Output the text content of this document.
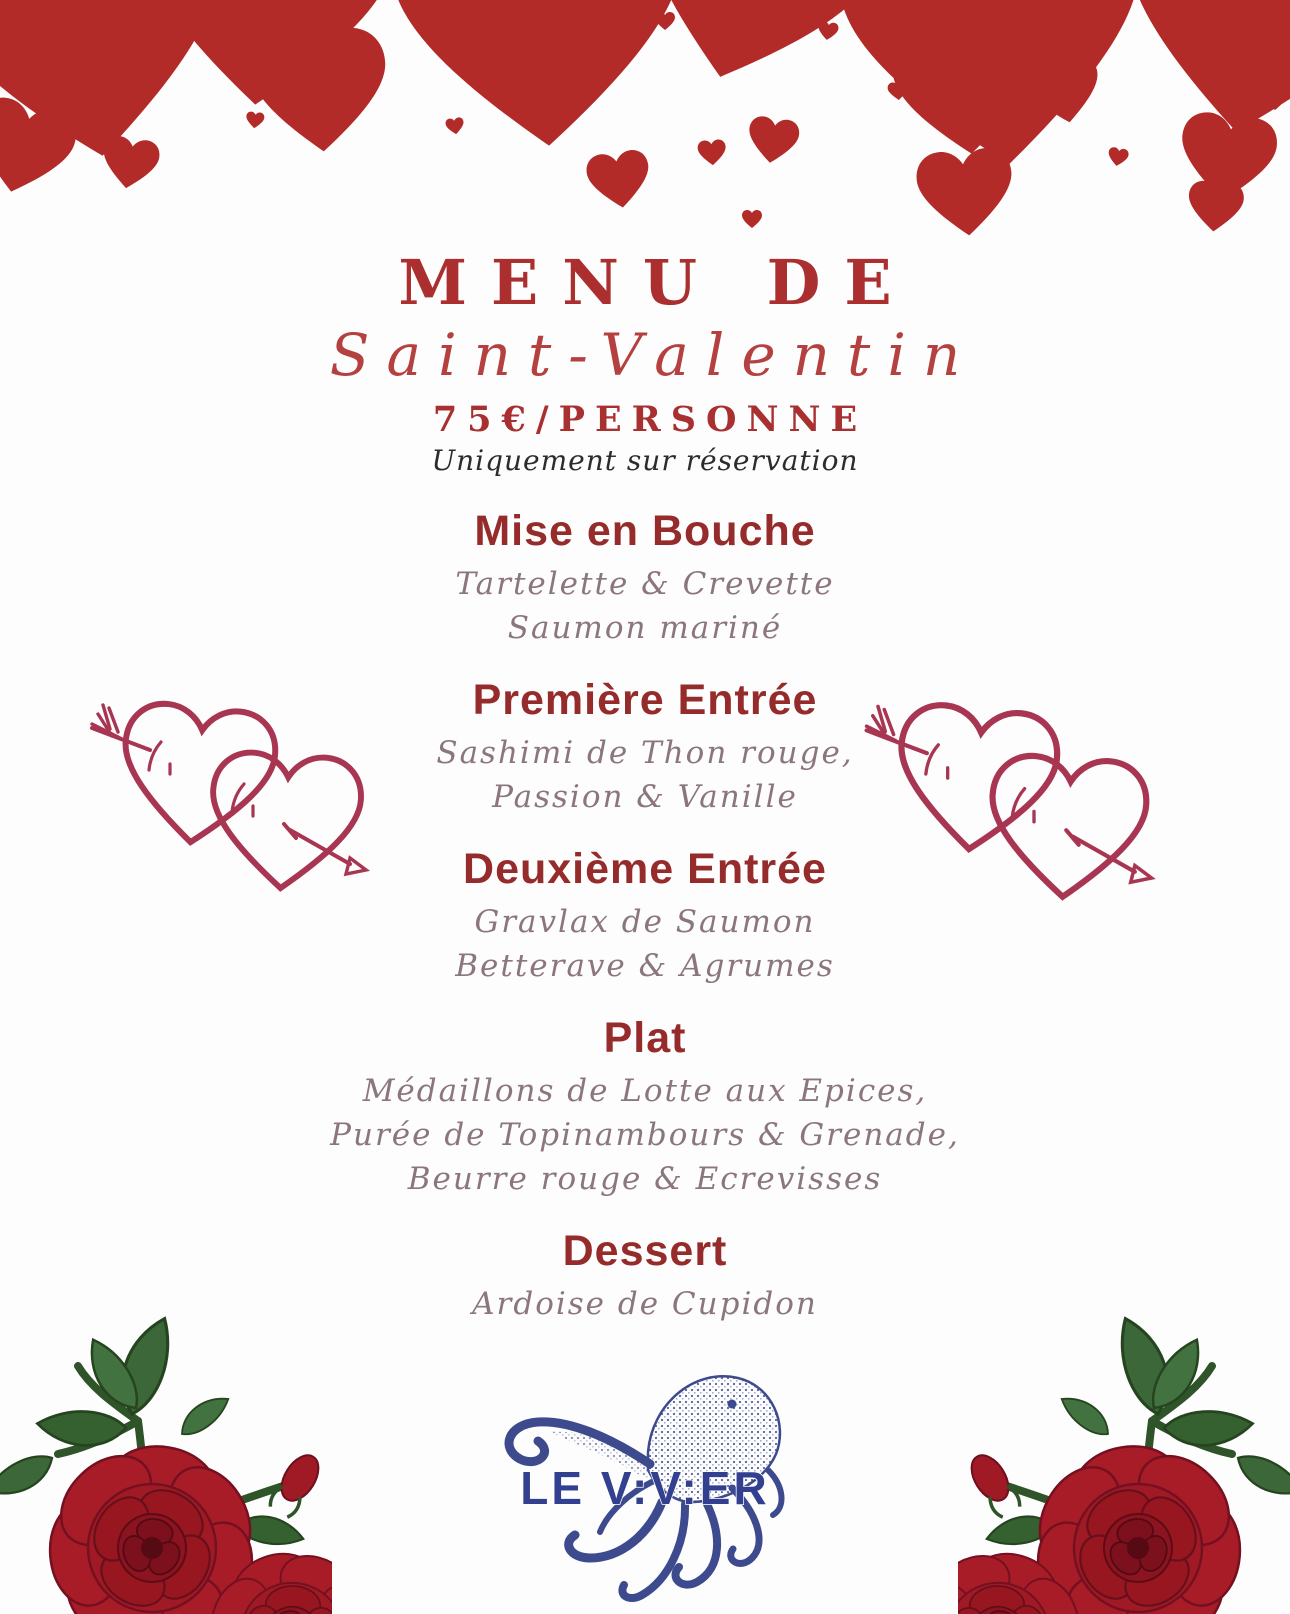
MENU DE
Saint-Valentin
75€/PERSONNE
Uniquement sur réservation
Mise en Bouche
Tartelette & Crevette
Saumon mariné
Première Entrée
Sashimi de Thon rouge,
Passion & Vanille
Deuxième Entrée
Gravlax de Saumon
Betterave & Agrumes
Plat
Médaillons de Lotte aux Epices,
Purée de Topinambours & Grenade,
Beurre rouge & Ecrevisses
Dessert
Ardoise de Cupidon
LE V:V:ER
